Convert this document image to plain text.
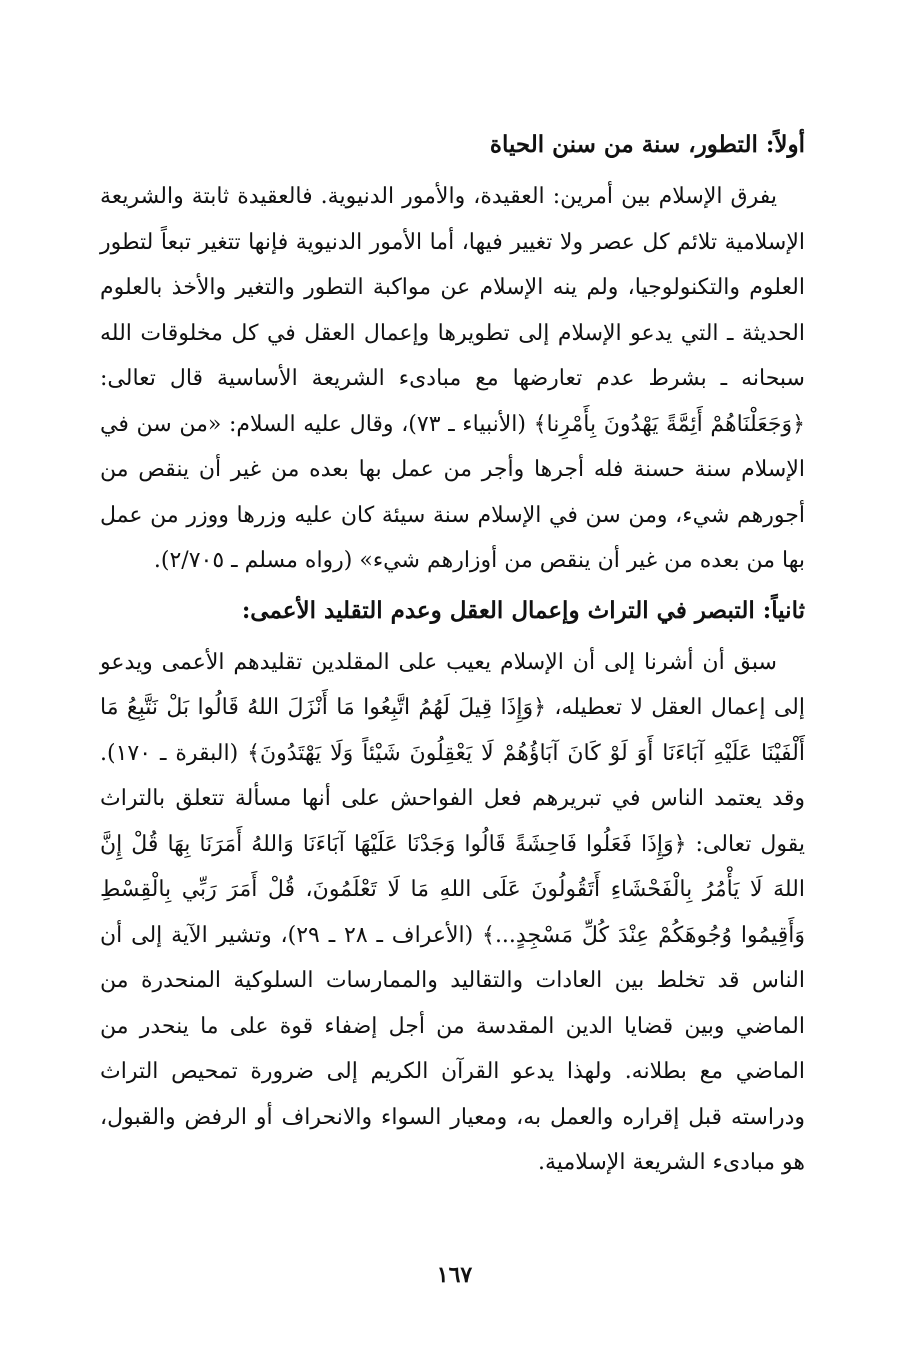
أولاً: التطور، سنة من سنن الحياة

يفرق الإسلام بين أمرين: العقيدة، والأمور الدنيوية. فالعقيدة ثابتة والشريعة الإسلامية تلائم كل عصر ولا تغيير فيها، أما الأمور الدنيوية فإنها تتغير تبعاً لتطور العلوم والتكنولوجيا، ولم ينه الإسلام عن مواكبة التطور والتغير والأخذ بالعلوم الحديثة ـ التي يدعو الإسلام إلى تطويرها وإعمال العقل في كل مخلوقات الله سبحانه ـ بشرط عدم تعارضها مع مبادىء الشريعة الأساسية قال تعالى: ﴿وَجَعَلْنَاهُمْ أَئِمَّةً يَهْدُونَ بِأَمْرِنا﴾ (الأنبياء ـ ٧٣)، وقال عليه السلام: «من سن في الإسلام سنة حسنة فله أجرها وأجر من عمل بها بعده من غير أن ينقص من أجورهم شيء، ومن سن في الإسلام سنة سيئة كان عليه وزرها ووزر من عمل بها من بعده من غير أن ينقص من أوزارهم شيء» (رواه مسلم ـ ٢/٧٠٥).

ثانياً: التبصر في التراث وإعمال العقل وعدم التقليد الأعمى:

سبق أن أشرنا إلى أن الإسلام يعيب على المقلدين تقليدهم الأعمى ويدعو إلى إعمال العقل لا تعطيله، ﴿وَإِذَا قِيلَ لَهُمُ اتَّبِعُوا مَا أَنْزَلَ اللهُ قَالُوا بَلْ نَتَّبِعُ مَا أَلْفَيْنَا عَلَيْهِ آبَاءَنَا أَوَ لَوْ كَانَ آبَاؤُهُمْ لَا يَعْقِلُونَ شَيْئاً وَلَا يَهْتَدُونَ﴾ (البقرة ـ ١٧٠). وقد يعتمد الناس في تبريرهم فعل الفواحش على أنها مسألة تتعلق بالتراث يقول تعالى: ﴿وَإِذَا فَعَلُوا فَاحِشَةً قَالُوا وَجَدْنَا عَلَيْهَا آبَاءَنَا وَاللهُ أَمَرَنَا بِهَا قُلْ إِنَّ اللهَ لَا يَأْمُرُ بِالْفَحْشَاءِ أَتَقُولُونَ عَلَى اللهِ مَا لَا تَعْلَمُونَ، قُلْ أَمَرَ رَبِّي بِالْقِسْطِ وَأَقِيمُوا وُجُوهَكُمْ عِنْدَ كُلِّ مَسْجِدٍ...﴾ (الأعراف ـ ٢٨ ـ ٢٩)، وتشير الآية إلى أن الناس قد تخلط بين العادات والتقاليد والممارسات السلوكية المنحدرة من الماضي وبين قضايا الدين المقدسة من أجل إضفاء قوة على ما ينحدر من الماضي مع بطلانه. ولهذا يدعو القرآن الكريم إلى ضرورة تمحيص التراث ودراسته قبل إقراره والعمل به، ومعيار السواء والانحراف أو الرفض والقبول، هو مبادىء الشريعة الإسلامية.

١٦٧
